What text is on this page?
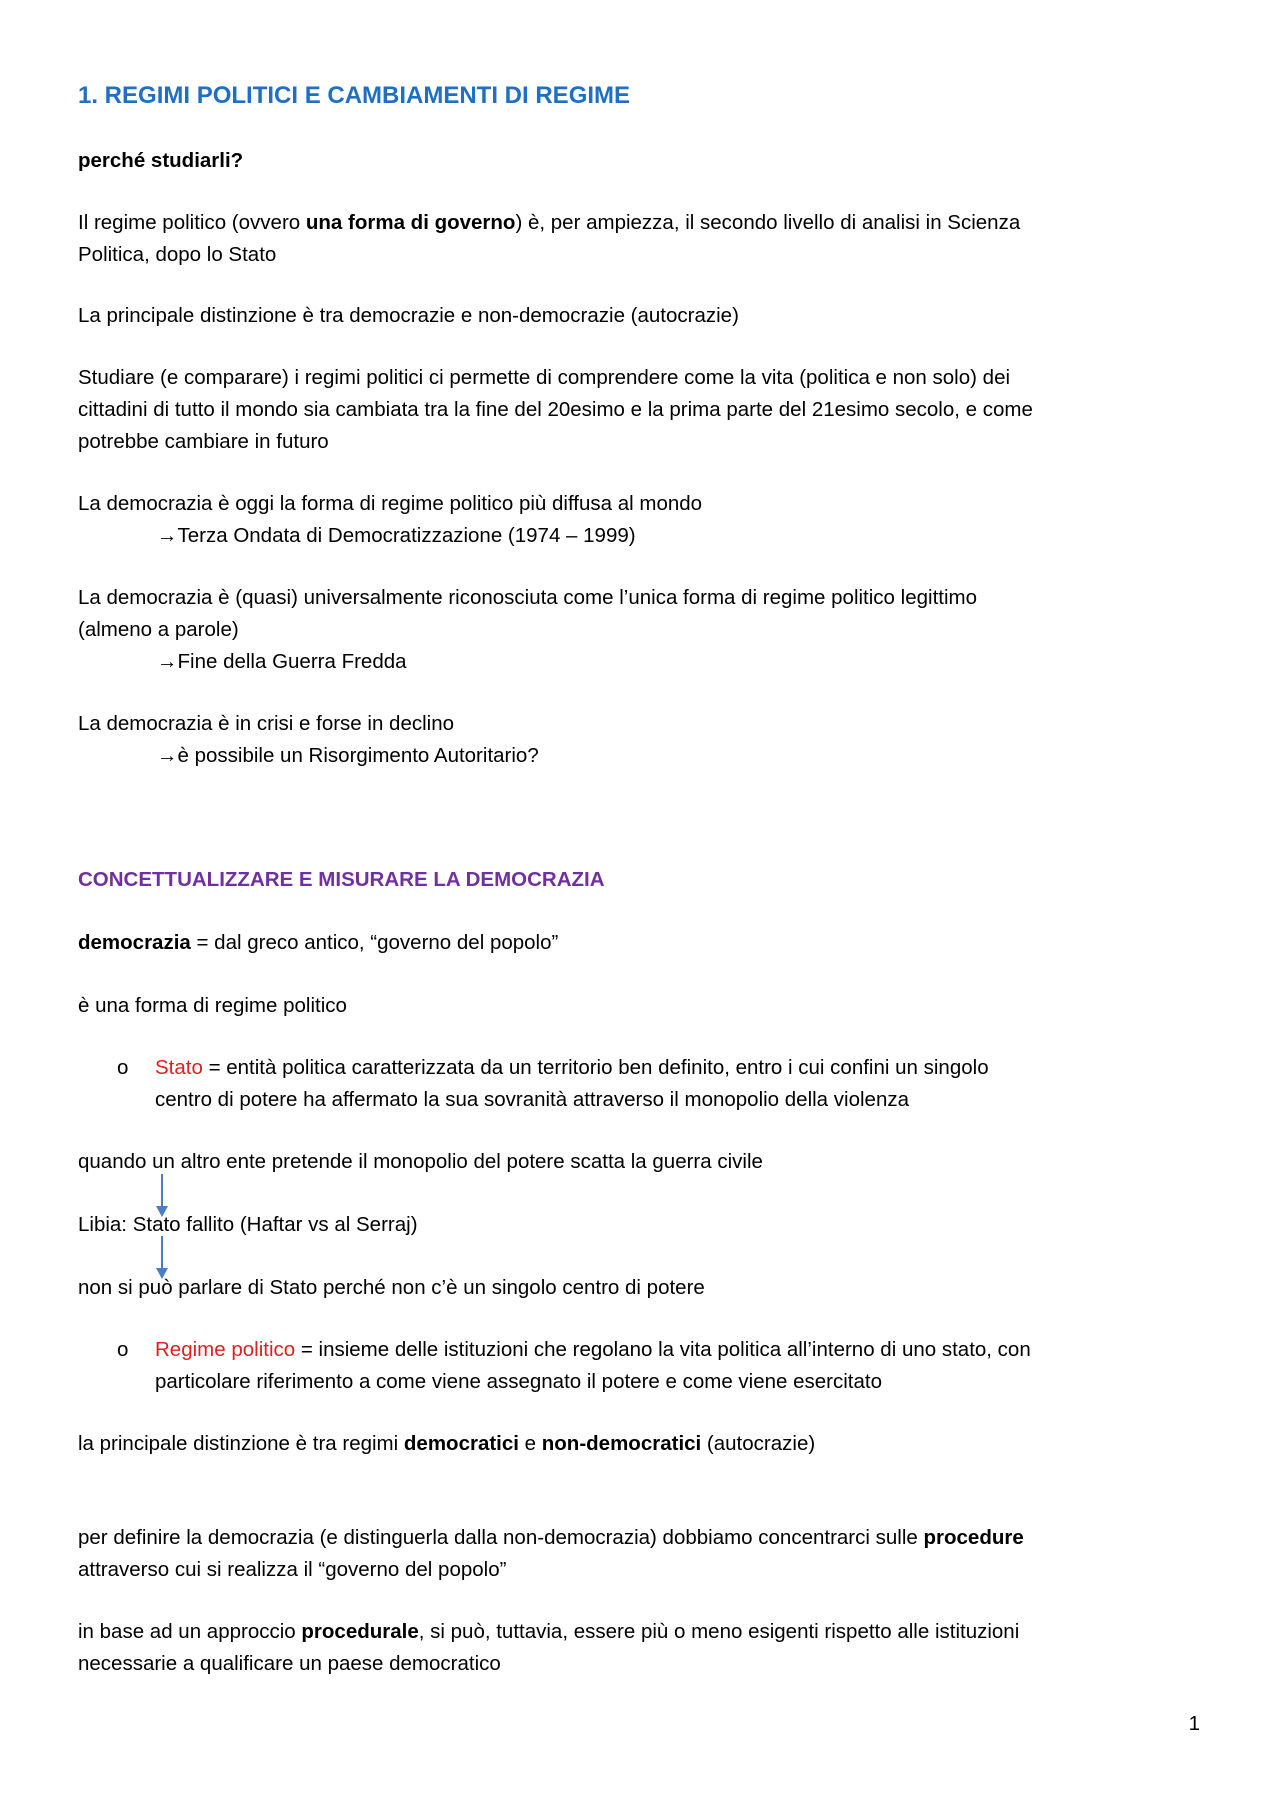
1. REGIMI POLITICI E CAMBIAMENTI DI REGIME
perché studiarli?
Il regime politico (ovvero una forma di governo) è, per ampiezza, il secondo livello di analisi in Scienza
Politica, dopo lo Stato
La principale distinzione è tra democrazie e non-democrazie (autocrazie)
Studiare (e comparare) i regimi politici ci permette di comprendere come la vita (politica e non solo) dei
cittadini di tutto il mondo sia cambiata tra la fine del 20esimo e la prima parte del 21esimo secolo, e come
potrebbe cambiare in futuro
La democrazia è oggi la forma di regime politico più diffusa al mondo
→Terza Ondata di Democratizzazione (1974 – 1999)
La democrazia è (quasi) universalmente riconosciuta come l’unica forma di regime politico legittimo
(almeno a parole)
→Fine della Guerra Fredda
La democrazia è in crisi e forse in declino
→è possibile un Risorgimento Autoritario?
CONCETTUALIZZARE E MISURARE LA DEMOCRAZIA
democrazia = dal greco antico, “governo del popolo”
è una forma di regime politico
o Stato = entità politica caratterizzata da un territorio ben definito, entro i cui confini un singolo
centro di potere ha affermato la sua sovranità attraverso il monopolio della violenza
quando un altro ente pretende il monopolio del potere scatta la guerra civile
Libia: Stato fallito (Haftar vs al Serraj)
non si può parlare di Stato perché non c’è un singolo centro di potere
o Regime politico = insieme delle istituzioni che regolano la vita politica all’interno di uno stato, con
particolare riferimento a come viene assegnato il potere e come viene esercitato
la principale distinzione è tra regimi democratici e non-democratici (autocrazie)
per definire la democrazia (e distinguerla dalla non-democrazia) dobbiamo concentrarci sulle procedure
attraverso cui si realizza il “governo del popolo”
in base ad un approccio procedurale, si può, tuttavia, essere più o meno esigenti rispetto alle istituzioni
necessarie a qualificare un paese democratico
1
